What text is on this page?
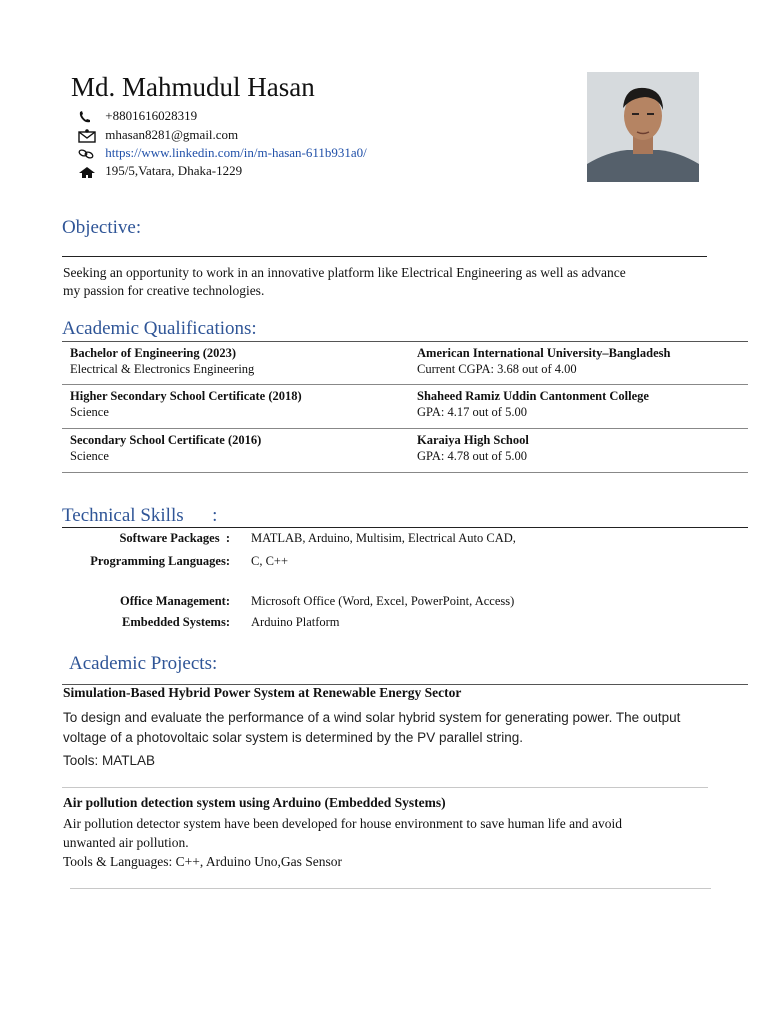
Md. Mahmudul Hasan
+8801616028319
mhasan8281@gmail.com
https://www.linkedin.com/in/m-hasan-611b931a0/
195/5,Vatara, Dhaka-1229
Objective:
Seeking an opportunity to work in an innovative platform like Electrical Engineering as well as advance
my passion for creative technologies.
Academic Qualifications:
Bachelor of Engineering (2023)
Electrical & Electronics Engineering
American International University–Bangladesh
Current CGPA: 3.68 out of 4.00
Higher Secondary School Certificate (2018)
Science
Shaheed Ramiz Uddin Cantonment College
GPA: 4.17 out of 5.00
Secondary School Certificate (2016)
Science
Karaiya High School
GPA: 4.78 out of 5.00
Technical Skills      :
Software Packages  : MATLAB, Arduino, Multisim, Electrical Auto CAD,
Programming Languages: C, C++
Office Management: Microsoft Office (Word, Excel, PowerPoint, Access)
Embedded Systems: Arduino Platform
Academic Projects:
Simulation-Based Hybrid Power System at Renewable Energy Sector
To design and evaluate the performance of a wind solar hybrid system for generating power. The output
voltage of a photovoltaic solar system is determined by the PV parallel string.
Tools: MATLAB
Air pollution detection system using Arduino (Embedded Systems)
Air pollution detector system have been developed for house environment to save human life and avoid
unwanted air pollution.
Tools & Languages: C++, Arduino Uno,Gas Sensor
